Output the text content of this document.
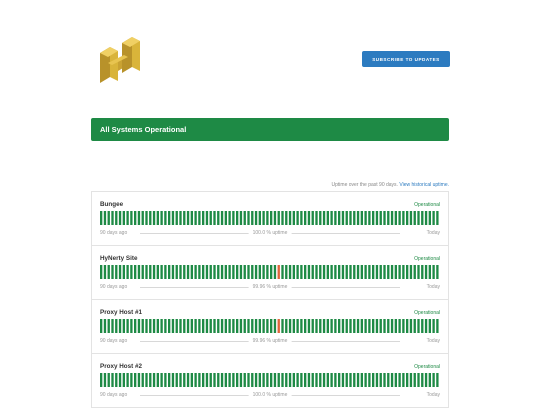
SUBSCRIBE TO UPDATES
All Systems Operational
Uptime over the past 90 days. View historical uptime.
Bungee	Operational
90 days ago	100.0 % uptime	Today
HyNerty Site	Operational
90 days ago	99.96 % uptime	Today
Proxy Host #1	Operational
90 days ago	99.96 % uptime	Today
Proxy Host #2	Operational
90 days ago	100.0 % uptime	Today
